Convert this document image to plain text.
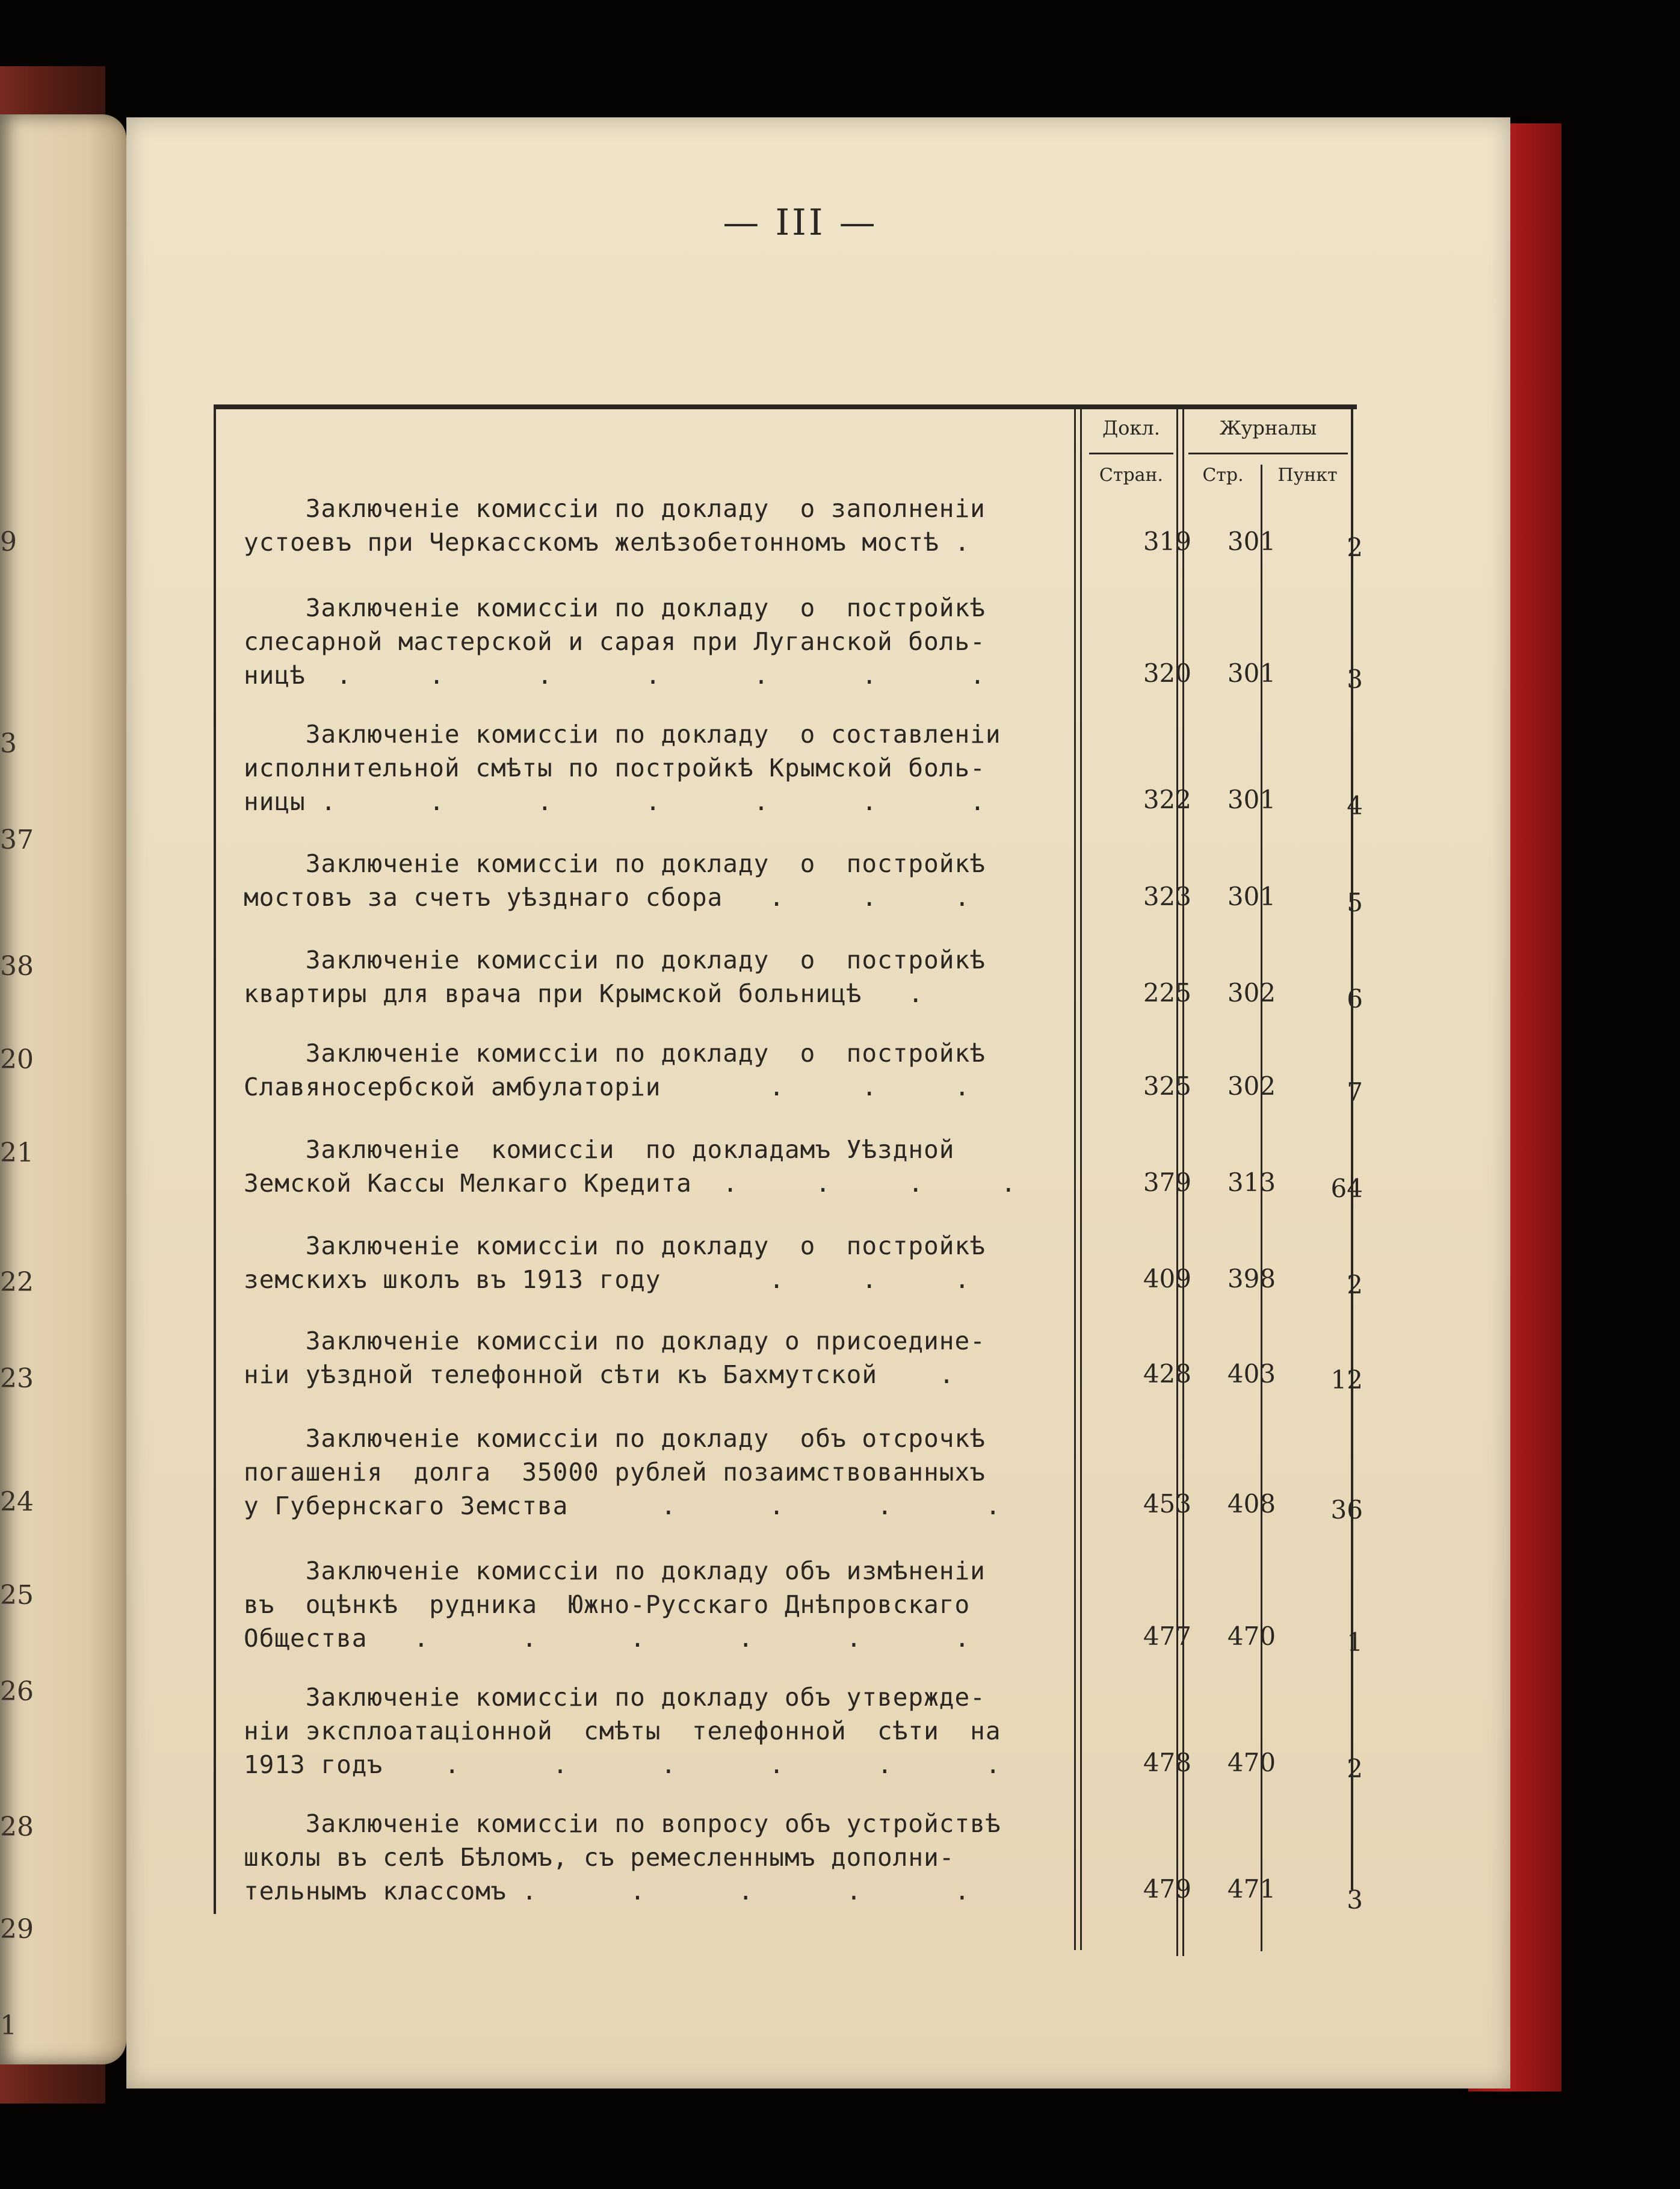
9
3
37
38
20
21
22
23
24
25
26
28
29
1
— III —
Докл.
Стран.
Журналы
Стр.	Пункт
Заключенiе комиссiи по докладу  о заполненiи
устоевъ при Черкасскомъ желѣзобетонномъ мостѣ .	319	301	2
Заключенiе комиссiи по докладу  о  постройкѣ
слесарной мастерской и сарая при Луганской боль-
ницѣ  .     .      .      .      .      .      .	320	301	3
Заключенiе комиссiи по докладу  о составленiи
исполнительной смѣты по постройкѣ Крымской боль-
ницы .      .      .      .      .      .      .	322	301	4
Заключенiе комиссiи по докладу  о  постройкѣ
мостовъ за счетъ уѣзднаго сбора   .     .     .	323	301	5
Заключенiе комиссiи по докладу  о  постройкѣ
квартиры для врача при Крымской больницѣ   .	225	302	6
Заключенiе комиссiи по докладу  о  постройкѣ
Славяносербской амбулаторiи       .     .     .	325	302	7
Заключенiе  комиссiи  по докладамъ Уѣздной
Земской Кассы Мелкаго Кредита  .     .     .     .	379	313	64
Заключенiе комиссiи по докладу  о  постройкѣ
земскихъ школъ въ 1913 году       .     .     .	409	398	2
Заключенiе комиссiи по докладу о присоедине-
нiи уѣздной телефонной сѣти къ Бахмутской    .	428	403	12
Заключенiе комиссiи по докладу  объ отсрочкѣ
погашенiя  долга  35000 рублей позаимствованныхъ
у Губернскаго Земства      .      .      .      .	453	408	36
Заключенiе комиссiи по докладу объ измѣненiи
въ  оцѣнкѣ  рудника  Южно-Русскаго Днѣпровскаго
Общества   .      .      .      .      .      .	477	470	1
Заключенiе комиссiи по докладу объ утвержде-
нiи эксплоатацiонной  смѣты  телефонной  сѣти  на
1913 годъ    .      .      .      .      .      .	478	470	2
Заключенiе комиссiи по вопросу объ устройствѣ
школы въ селѣ Бѣломъ, съ ремесленнымъ дополни-
тельнымъ классомъ .      .      .      .      .	479	471	3
